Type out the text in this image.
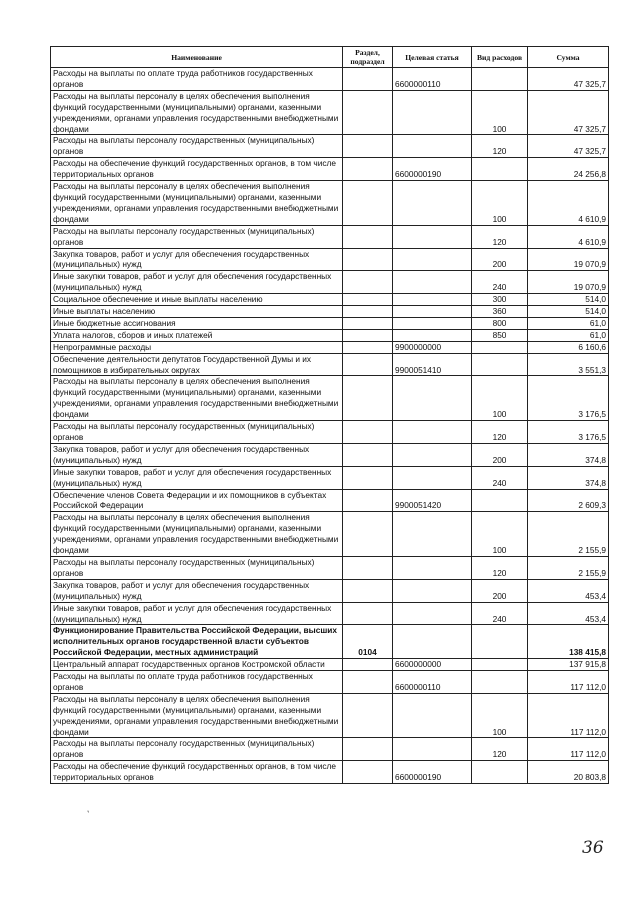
Наименование	Раздел, подраздел	Целевая статья	Вид расходов	Сумма
Расходы на выплаты по оплате труда работников государственных органов		6600000110		47 325,7
Расходы на выплаты персоналу в целях обеспечения выполнения функций государственными (муниципальными) органами, казенными учреждениями, органами управления государственными внебюджетными фондами			100	47 325,7
Расходы на выплаты персоналу государственных (муниципальных) органов			120	47 325,7
Расходы на обеспечение функций государственных органов, в том числе территориальных органов		6600000190		24 256,8
Расходы на выплаты персоналу в целях обеспечения выполнения функций государственными (муниципальными) органами, казенными учреждениями, органами управления государственными внебюджетными фондами			100	4 610,9
Расходы на выплаты персоналу государственных (муниципальных) органов			120	4 610,9
Закупка товаров, работ и услуг для обеспечения государственных (муниципальных) нужд			200	19 070,9
Иные закупки товаров, работ и услуг для обеспечения государственных (муниципальных) нужд			240	19 070,9
Социальное обеспечение и иные выплаты населению			300	514,0
Иные выплаты населению			360	514,0
Иные бюджетные ассигнования			800	61,0
Уплата налогов, сборов и иных платежей			850	61,0
Непрограммные расходы		9900000000		6 160,6
Обеспечение деятельности депутатов Государственной Думы и их помощников в избирательных округах		9900051410		3 551,3
Расходы на выплаты персоналу в целях обеспечения выполнения функций государственными (муниципальными) органами, казенными учреждениями, органами управления государственными внебюджетными фондами			100	3 176,5
Расходы на выплаты персоналу государственных (муниципальных) органов			120	3 176,5
Закупка товаров, работ и услуг для обеспечения государственных (муниципальных) нужд			200	374,8
Иные закупки товаров, работ и услуг для обеспечения государственных (муниципальных) нужд			240	374,8
Обеспечение членов Совета Федерации и их помощников в субъектах Российской Федерации		9900051420		2 609,3
Расходы на выплаты персоналу в целях обеспечения выполнения функций государственными (муниципальными) органами, казенными учреждениями, органами управления государственными внебюджетными фондами			100	2 155,9
Расходы на выплаты персоналу государственных (муниципальных) органов			120	2 155,9
Закупка товаров, работ и услуг для обеспечения государственных (муниципальных) нужд			200	453,4
Иные закупки товаров, работ и услуг для обеспечения государственных (муниципальных) нужд			240	453,4
Функционирование Правительства Российской Федерации, высших исполнительных органов государственной власти субъектов Российской Федерации, местных администраций	0104			138 415,8
Центральный аппарат государственных органов Костромской области		6600000000		137 915,8
Расходы на выплаты по оплате труда работников государственных органов		6600000110		117 112,0
Расходы на выплаты персоналу в целях обеспечения выполнения функций государственными (муниципальными) органами, казенными учреждениями, органами управления государственными внебюджетными фондами			100	117 112,0
Расходы на выплаты персоналу государственных (муниципальных) органов			120	117 112,0
Расходы на обеспечение функций государственных органов, в том числе территориальных органов		6600000190		20 803,8
ʼ
36
